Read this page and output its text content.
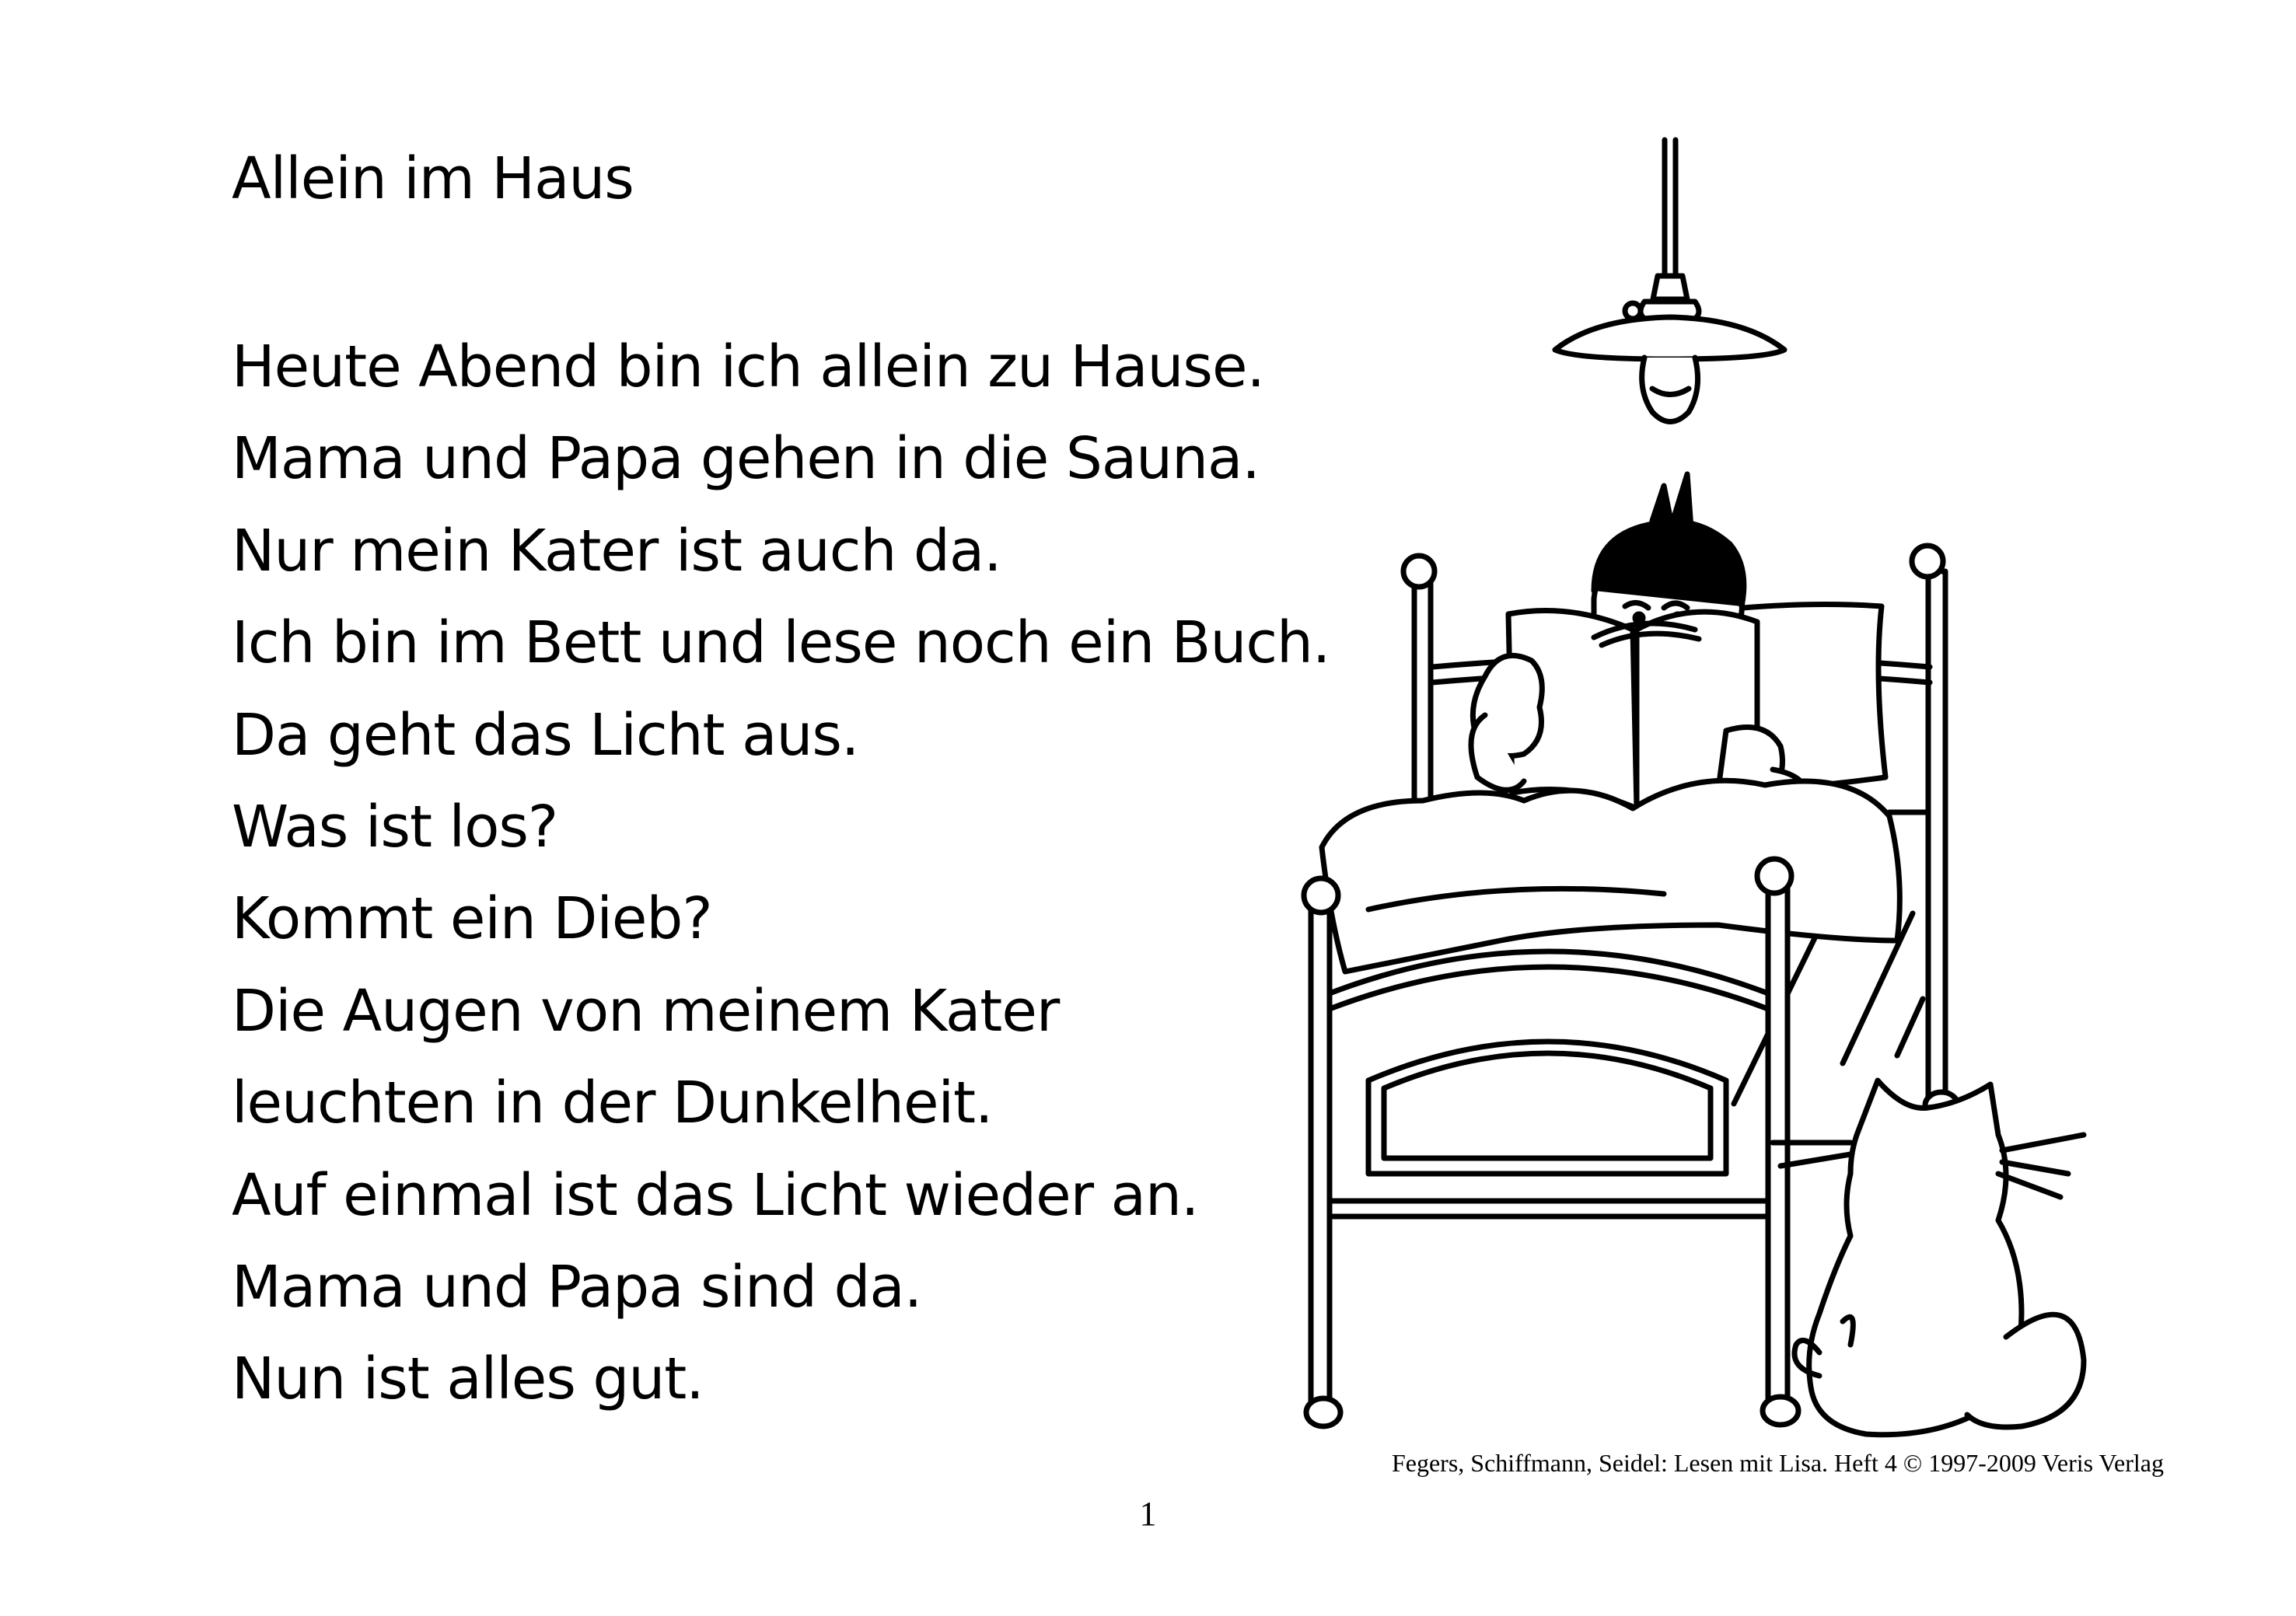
Allein im Haus
Heute Abend bin ich allein zu Hause.
Mama und Papa gehen in die Sauna.
Nur mein Kater ist auch da.
Ich bin im Bett und lese noch ein Buch.
Da geht das Licht aus.
Was ist los?
Kommt ein Dieb?
Die Augen von meinem Kater
leuchten in der Dunkelheit.
Auf einmal ist das Licht wieder an.
Mama und Papa sind da.
Nun ist alles gut.
Fegers, Schiffmann, Seidel: Lesen mit Lisa. Heft 4 © 1997-2009 Veris Verlag
1
